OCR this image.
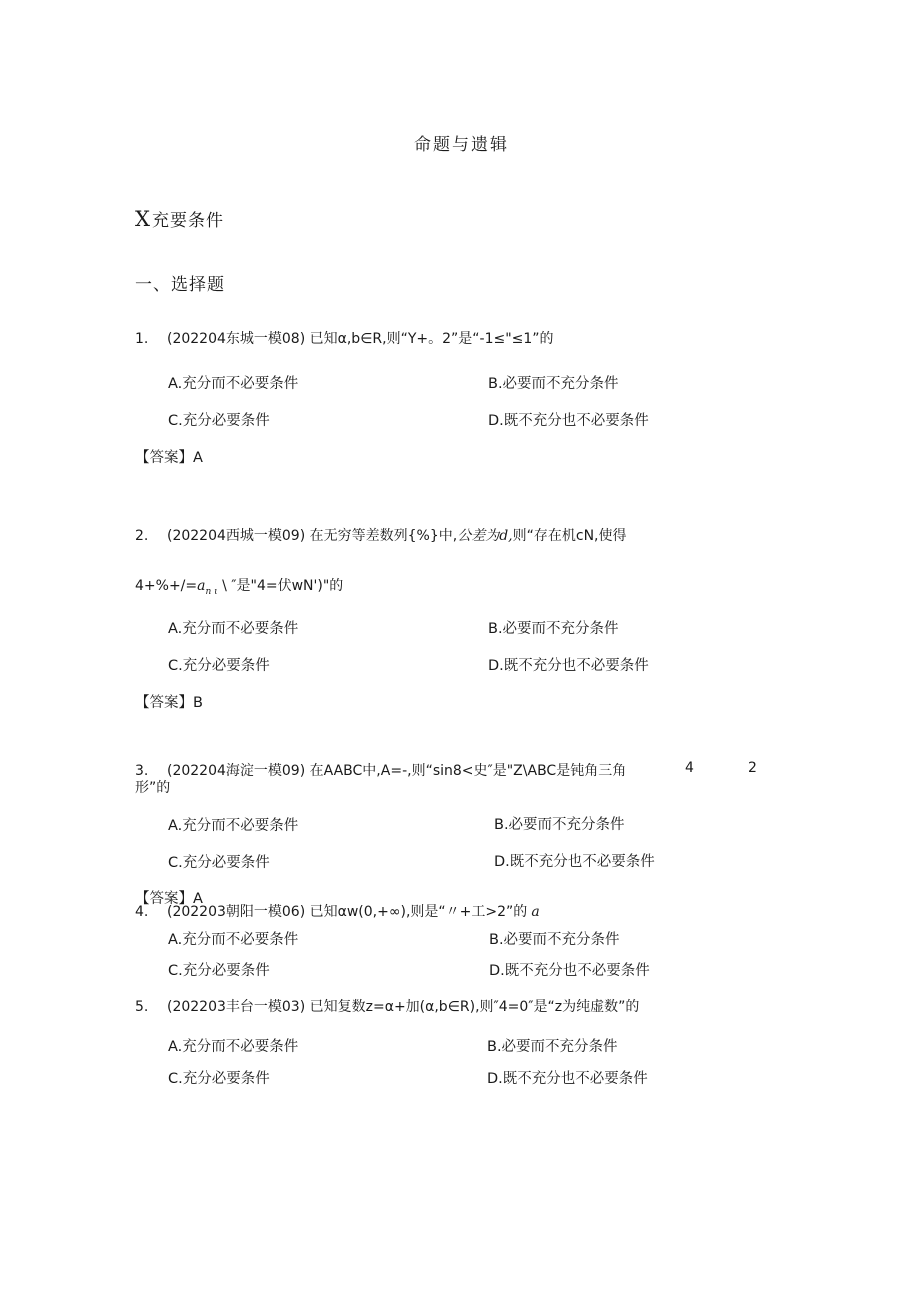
命题与遗辑
X 充要条件
一、选择题
1. (202204东城一模08) 已知α,b∈R,则“Y+。2”是“-1≤"≤1”的
A.充分而不必要条件	B.必要而不充分条件
C.充分必要条件	D.既不充分也不必要条件
【答案】A
2. (202204西城一模09) 在无穷等差数列{%}中,公差为d,则“存在机cN,使得
$4+\%+/=a_{n \iota}$ \ ″是"4=伏wN')"的
A.充分而不必要条件	B.必要而不充分条件
C.充分必要条件	D.既不充分也不必要条件
【答案】B
3. (202204海淀一模09) 在AABC中,A=-,则“sin8<史″是"Z\ABC是钝角三角	4	2
形”的
A.充分而不必要条件	B.必要而不充分条件
C.充分必要条件	D.既不充分也不必要条件
【答案】A
4. (202203朝阳一模06) 已知αw(0,+∞),则是“〃+工>2”的 a
A.充分而不必要条件	B.必要而不充分条件
C.充分必要条件	D.既不充分也不必要条件
5. (202203丰台一模03) 已知复数z=α+加(α,b∈R),则″4=0″是“z为纯虚数”的
A.充分而不必要条件	B.必要而不充分条件
C.充分必要条件	D.既不充分也不必要条件
